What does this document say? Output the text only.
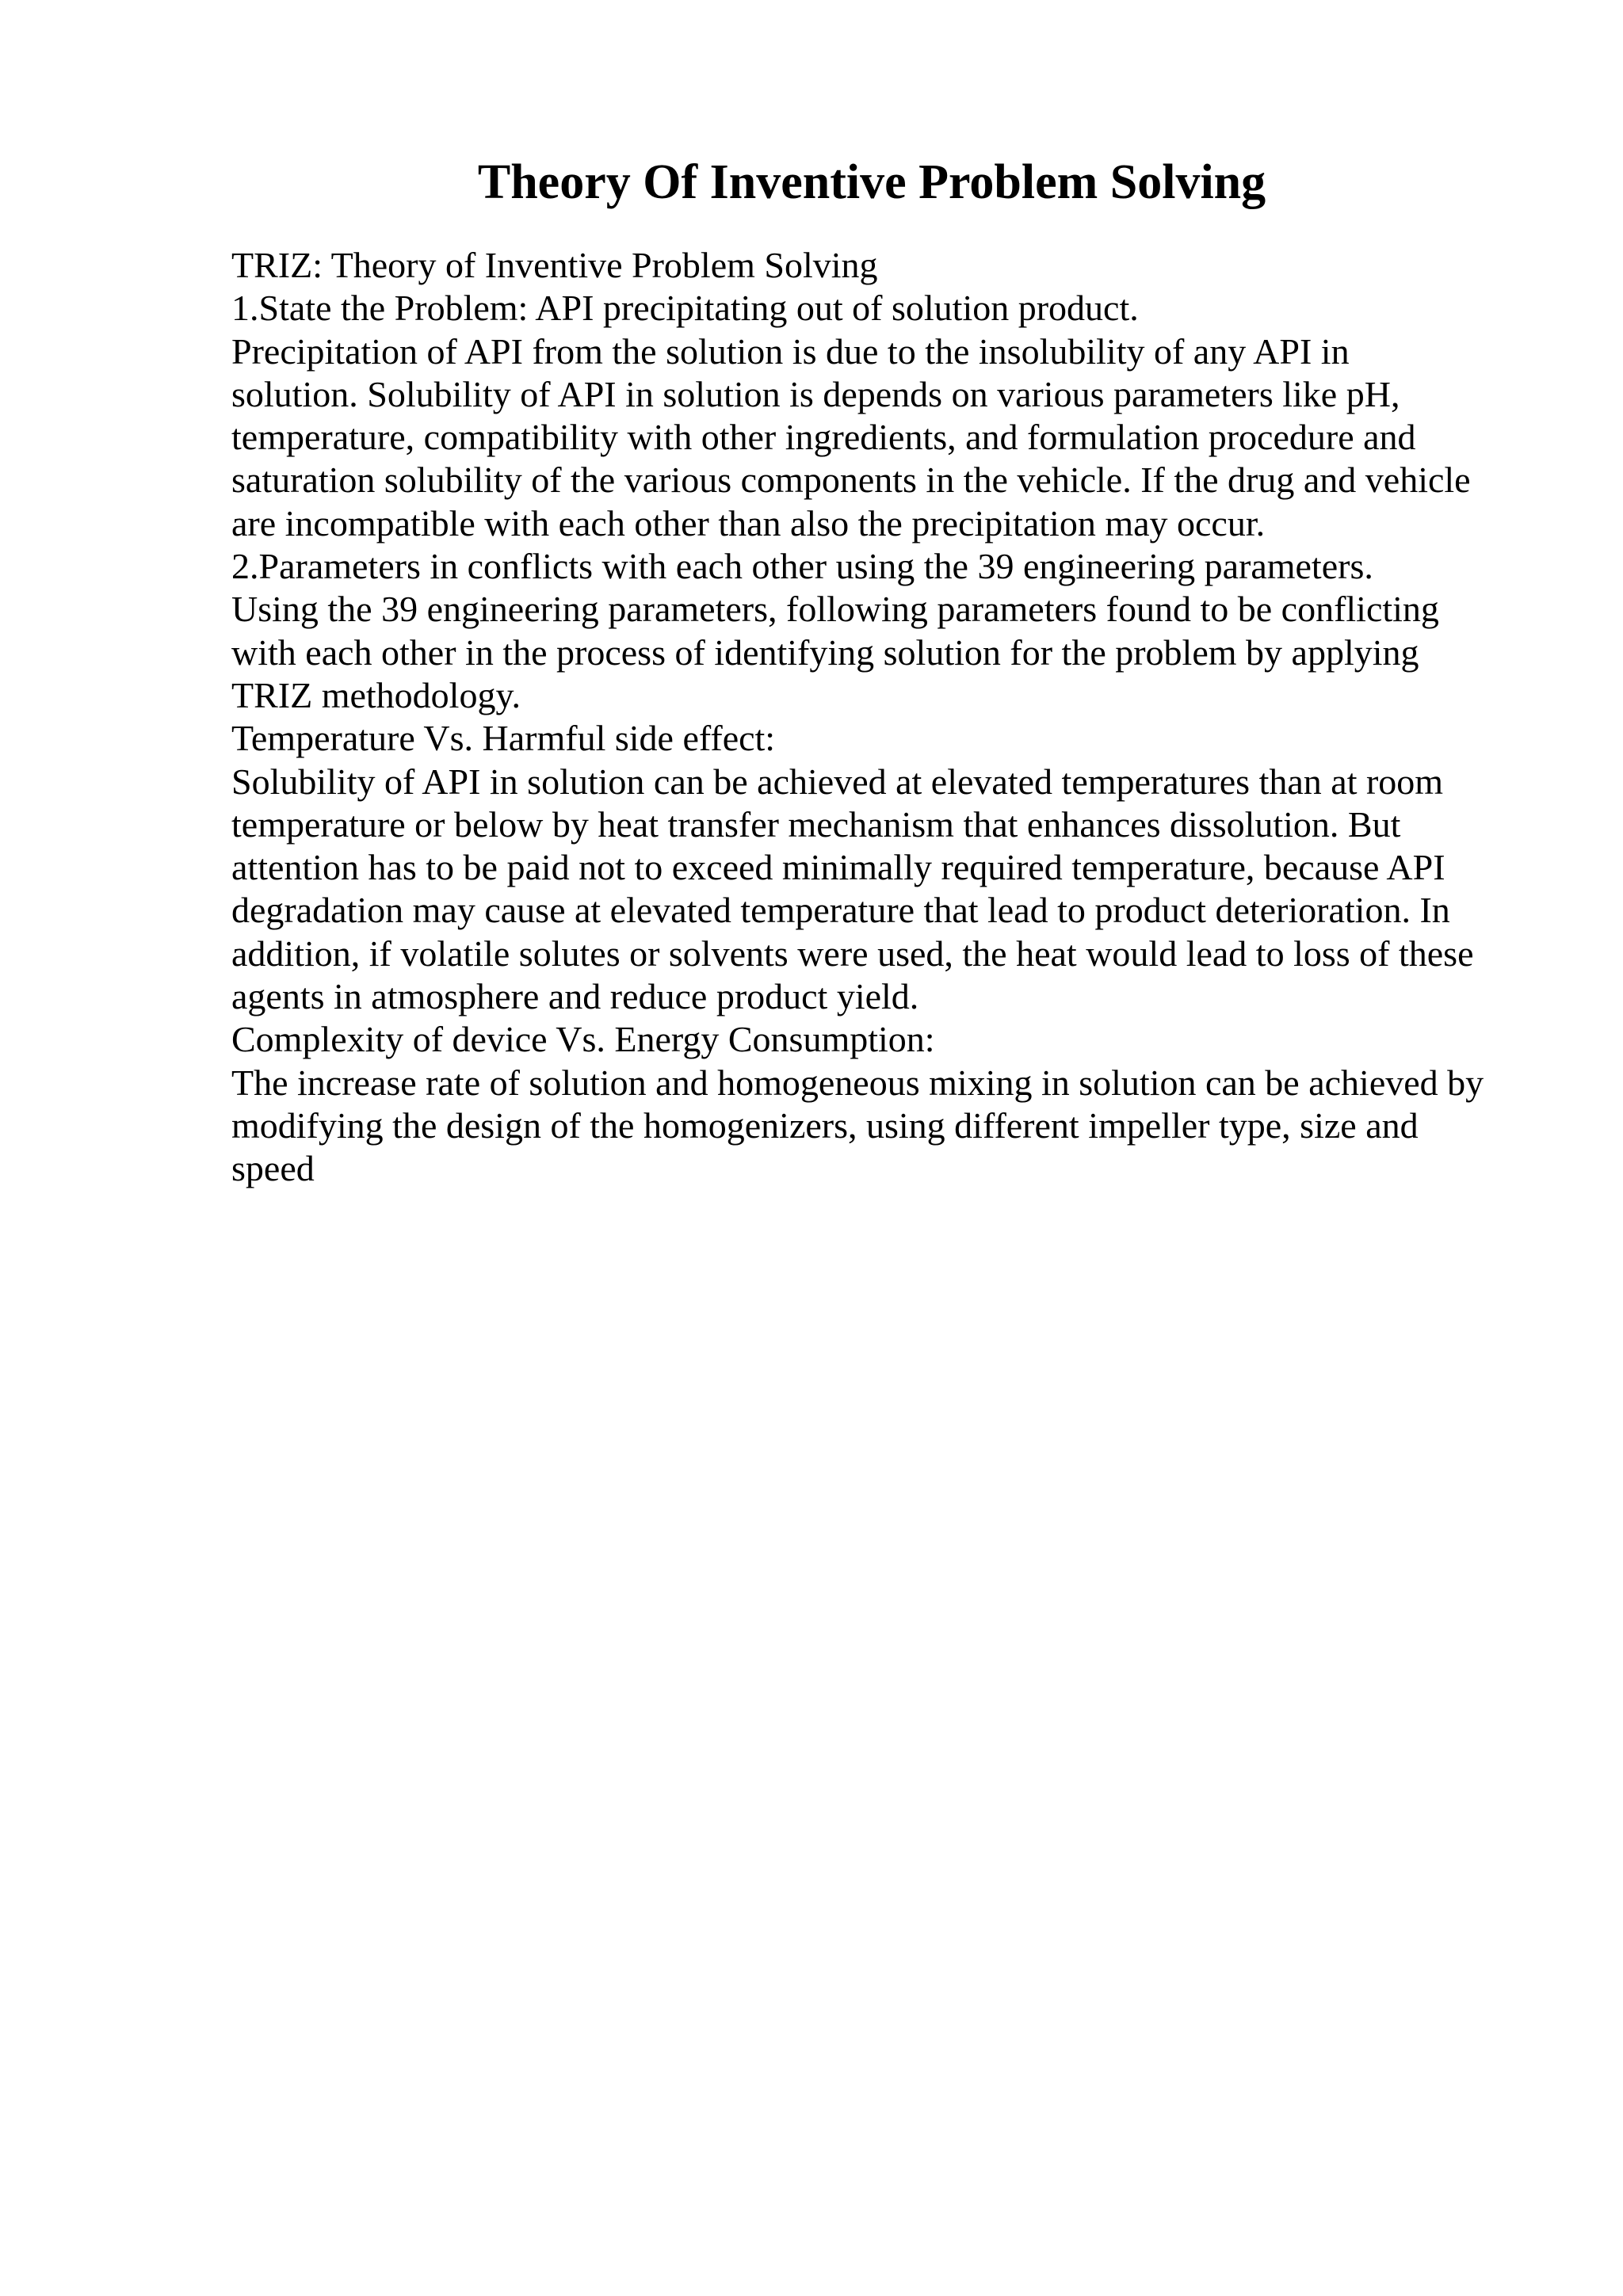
Theory Of Inventive Problem Solving
TRIZ: Theory of Inventive Problem Solving
1.State the Problem: API precipitating out of solution product.
Precipitation of API from the solution is due to the insolubility of any API in
solution. Solubility of API in solution is depends on various parameters like pH,
temperature, compatibility with other ingredients, and formulation procedure and
saturation solubility of the various components in the vehicle. If the drug and vehicle
are incompatible with each other than also the precipitation may occur.
2.Parameters in conflicts with each other using the 39 engineering parameters.
Using the 39 engineering parameters, following parameters found to be conflicting
with each other in the process of identifying solution for the problem by applying
TRIZ methodology.
Temperature Vs. Harmful side effect:
Solubility of API in solution can be achieved at elevated temperatures than at room
temperature or below by heat transfer mechanism that enhances dissolution. But
attention has to be paid not to exceed minimally required temperature, because API
degradation may cause at elevated temperature that lead to product deterioration. In
addition, if volatile solutes or solvents were used, the heat would lead to loss of these
agents in atmosphere and reduce product yield.
Complexity of device Vs. Energy Consumption:
The increase rate of solution and homogeneous mixing in solution can be achieved by
modifying the design of the homogenizers, using different impeller type, size and
speed
